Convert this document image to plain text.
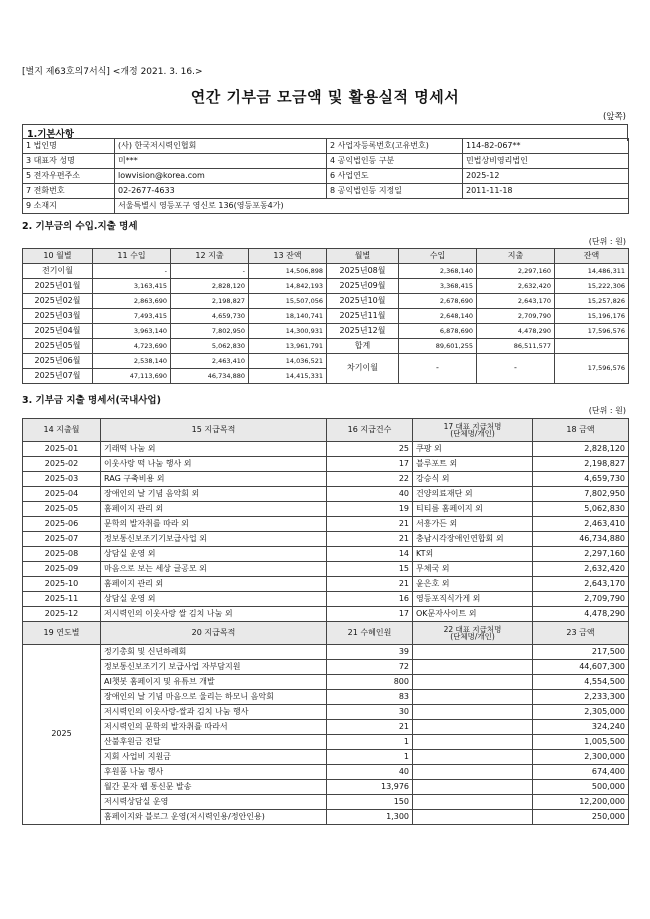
[별지 제63호의7서식] <개정 2021. 3. 16.>
연간 기부금 모금액 및 활용실적 명세서
(앞쪽)
1.기본사항
1 법인명	(사) 한국저시력인협회	2 사업자등록번호(고유번호)	114-82-067**
3 대표자 성명	미***	4 공익법인등 구분	민법상비영리법인
5 전자우편주소	lowvision@korea.com	6 사업연도	2025-12
7 전화번호	02-2677-4633	8 공익법인등 지정일	2011-11-18
9 소재지	서울특별시 영등포구 영신로 136(영등포동4가)		
2. 기부금의 수입.지출 명세
(단위 : 원)
10 월별	11 수입	12 지출	13 잔액	월별	수입	지출	잔액
전기이월	-	-	14,506,898	2025년08월	2,368,140	2,297,160	14,486,311
2025년01월	3,163,415	2,828,120	14,842,193	2025년09월	3,368,415	2,632,420	15,222,306
2025년02월	2,863,690	2,198,827	15,507,056	2025년10월	2,678,690	2,643,170	15,257,826
2025년03월	7,493,415	4,659,730	18,140,741	2025년11월	2,648,140	2,709,790	15,196,176
2025년04월	3,963,140	7,802,950	14,300,931	2025년12월	6,878,690	4,478,290	17,596,576
2025년05월	4,723,690	5,062,830	13,961,791	합계	89,601,255	86,511,577	
2025년06월	2,538,140	2,463,410	14,036,521	차기이월	-	-	17,596,576
2025년07월	47,113,690	46,734,880	14,415,331				
3. 기부금 지출 명세서(국내사업)
(단위 : 원)
14 지출월	15 지급목적	16 지급건수	17 대표 지급처명
(단체명/개인)	18 금액
2025-01	기래떡 나눔 외	25	쿠팡 외	2,828,120
2025-02	이웃사랑 떡 나눔 행사 외	17	블루포트 외	2,198,827
2025-03	RAG 구축비용 외	22	강승식 외	4,659,730
2025-04	장애인의 날 기념 음악회 외	40	건양의료재단 외	7,802,950
2025-05	홈페이지 관리 외	19	티티름 홈페이지 외	5,062,830
2025-06	문학의 발자취를 따라 외	21	서흥가든 외	2,463,410
2025-07	정보통신보조기기보급사업 외	21	충남시각장애인연합회 외	46,734,880
2025-08	상담실 운영 외	14	KT외	2,297,160
2025-09	마음으로 보는 세상 글공모 외	15	무체국 외	2,632,420
2025-10	홈페이지 관리 외	21	윤은호 외	2,643,170
2025-11	상담실 운영 외	16	영등포직식가게 외	2,709,790
2025-12	저시력인의 이웃사랑 쌀 김치 나눔 외	17	OK문자사이트 외	4,478,290
19 연도별	20 지급목적	21 수혜인원	22 대표 지급처명
(단체명/개인)	23 금액
2025	정기총회 및 신년하례회	39		217,500
	정보통신보조기기 보급사업 자부담지원	72		44,607,300
	AI챗봇 홈페이지 및 유튜브 개발	800		4,554,500
	장애인의 날 기념 마음으로 울리는 하모니 음악회	83		2,233,300
	저시력인의 이웃사랑-쌀과 김치 나눔 행사	30		2,305,000
	저시력인의 문학의 발자취를 따라서	21		324,240
	산불후원금 전달	1		1,005,500
	지회 사업비 지원금	1		2,300,000
	후원품 나눔 행사	40		674,400
	월간 문자 웹 통신문 발송	13,976		500,000
	저시력상담실 운영	150		12,200,000
	홈페이지와 블로그 운영(저시력인용/정안인용)	1,300		250,000
